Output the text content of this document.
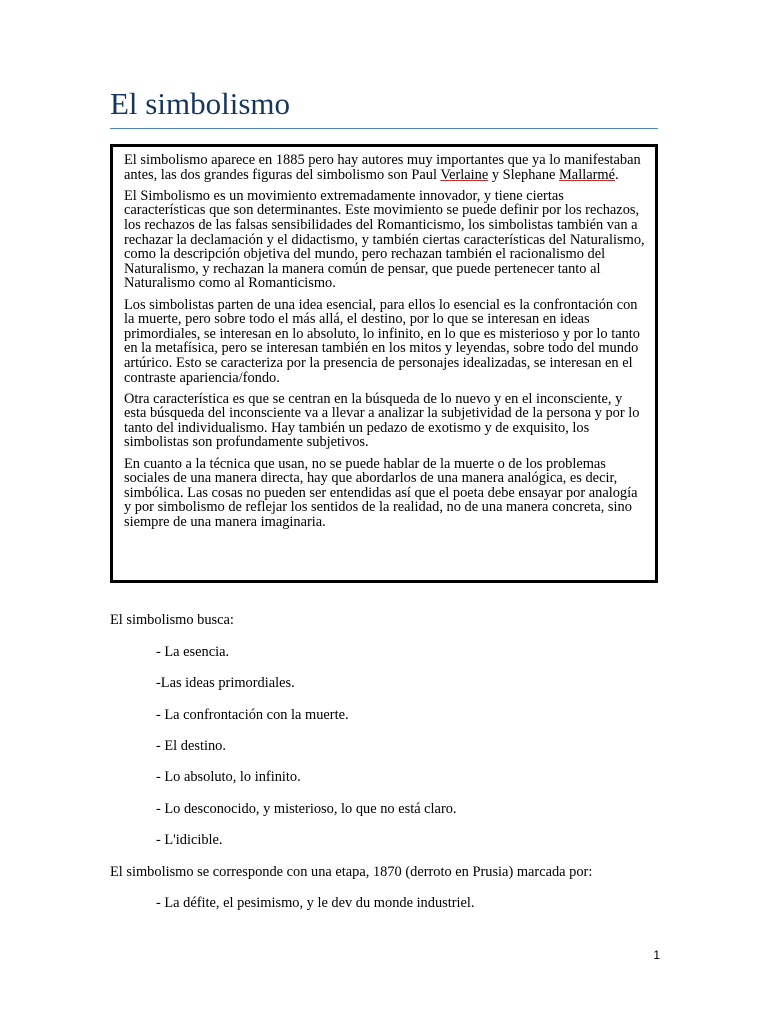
El simbolismo

El simbolismo aparece en 1885 pero hay autores muy importantes que ya lo manifestaban antes, las dos grandes figuras del simbolismo son Paul Verlaine y Slephane Mallarmé.

El Simbolismo es un movimiento extremadamente innovador, y tiene ciertas características que son determinantes. Este movimiento se puede definir por los rechazos, los rechazos de las falsas sensibilidades del Romanticismo, los simbolistas también van a rechazar la declamación y el didactismo, y también ciertas características del Naturalismo, como la descripción objetiva del mundo, pero rechazan también el racionalismo del Naturalismo, y rechazan la manera común de pensar, que puede pertenecer tanto al Naturalismo como al Romanticismo.

Los simbolistas parten de una idea esencial, para ellos lo esencial es la confrontación con la muerte, pero sobre todo el más allá, el destino, por lo que se interesan en ideas primordiales, se interesan en lo absoluto, lo infinito, en lo que es misterioso y por lo tanto en la metafísica, pero se interesan también en los mitos y leyendas, sobre todo del mundo artúrico. Esto se caracteriza por la presencia de personajes idealizadas, se interesan en el contraste apariencia/fondo.

Otra característica es que se centran en la búsqueda de lo nuevo y en el inconsciente, y esta búsqueda del inconsciente va a llevar a analizar la subjetividad de la persona y por lo tanto del individualismo. Hay también un pedazo de exotismo y de exquisito, los simbolistas son profundamente subjetivos.

En cuanto a la técnica que usan, no se puede hablar de la muerte o de los problemas sociales de una manera directa, hay que abordarlos de una manera analógica, es decir, simbólica. Las cosas no pueden ser entendidas así que el poeta debe ensayar por analogía y por simbolismo de reflejar los sentidos de la realidad, no de una manera concreta, sino siempre de una manera imaginaria.

El simbolismo busca:

- La esencia.

-Las ideas primordiales.

- La confrontación con la muerte.

- El destino.

- Lo absoluto, lo infinito.

- Lo desconocido, y misterioso, lo que no está claro.

- L'idicible.

El simbolismo se corresponde con una etapa, 1870 (derroto en Prusia) marcada por:

- La défite, el pesimismo, y le dev du monde industriel.

1
